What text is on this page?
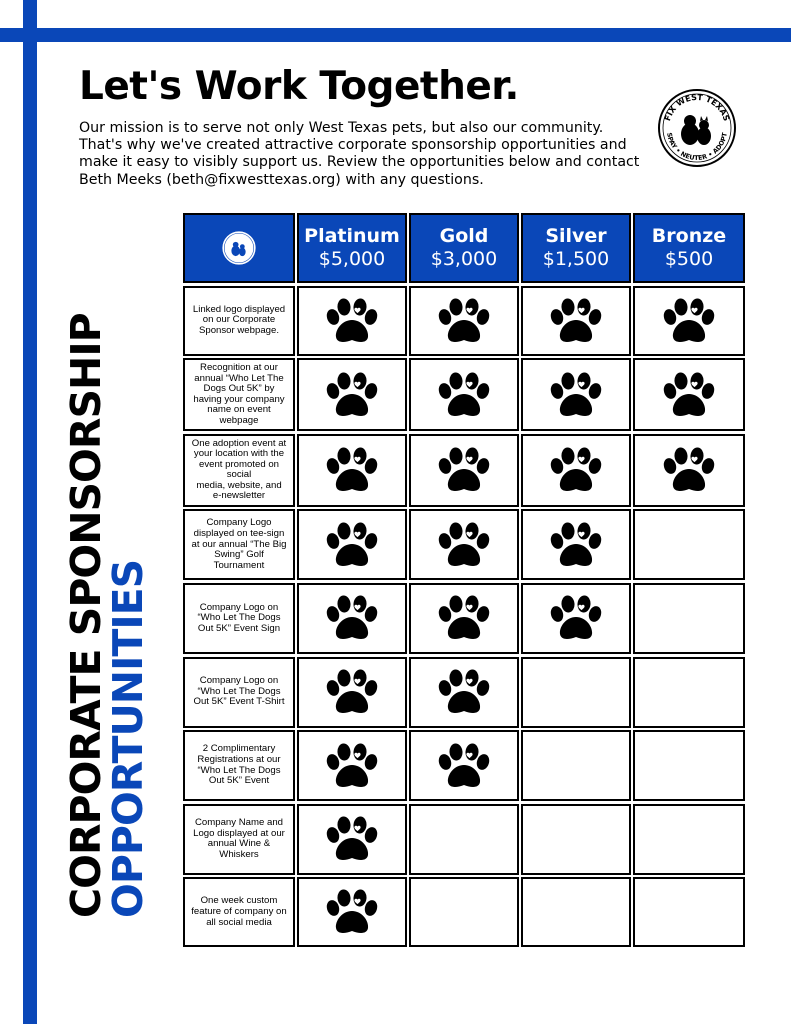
Let's Work Together.

Our mission is to serve not only West Texas pets, but also our community.
That's why we've created attractive corporate sponsorship opportunities and
make it easy to visibly support us. Review the opportunities below and contact
Beth Meeks (beth@fixwesttexas.org) with any questions.

FIX WEST TEXAS
SPAY • NEUTER • ADOPT
CORPORATE SPONSORSHIP
OPPORTUNITIES
Platinum
$5,000
Gold
$3,000
Silver
$1,500
Bronze
$500
Linked logo displayed
on our Corporate
Sponsor webpage.
Recognition at our
annual “Who Let The
Dogs Out 5K” by
having your company
name on event
webpage
One adoption event at
your location with the
event promoted on
social
media, website, and
e-newsletter
Company Logo
displayed on tee-sign
at our annual “The Big
Swing” Golf
Tournament
Company Logo on
“Who Let The Dogs
Out 5K” Event Sign
Company Logo on
“Who Let The Dogs
Out 5K” Event T-Shirt
2 Complimentary
Registrations at our
“Who Let The Dogs
Out 5K” Event
Company Name and
Logo displayed at our
annual Wine &
Whiskers
One week custom
feature of company on
all social media
